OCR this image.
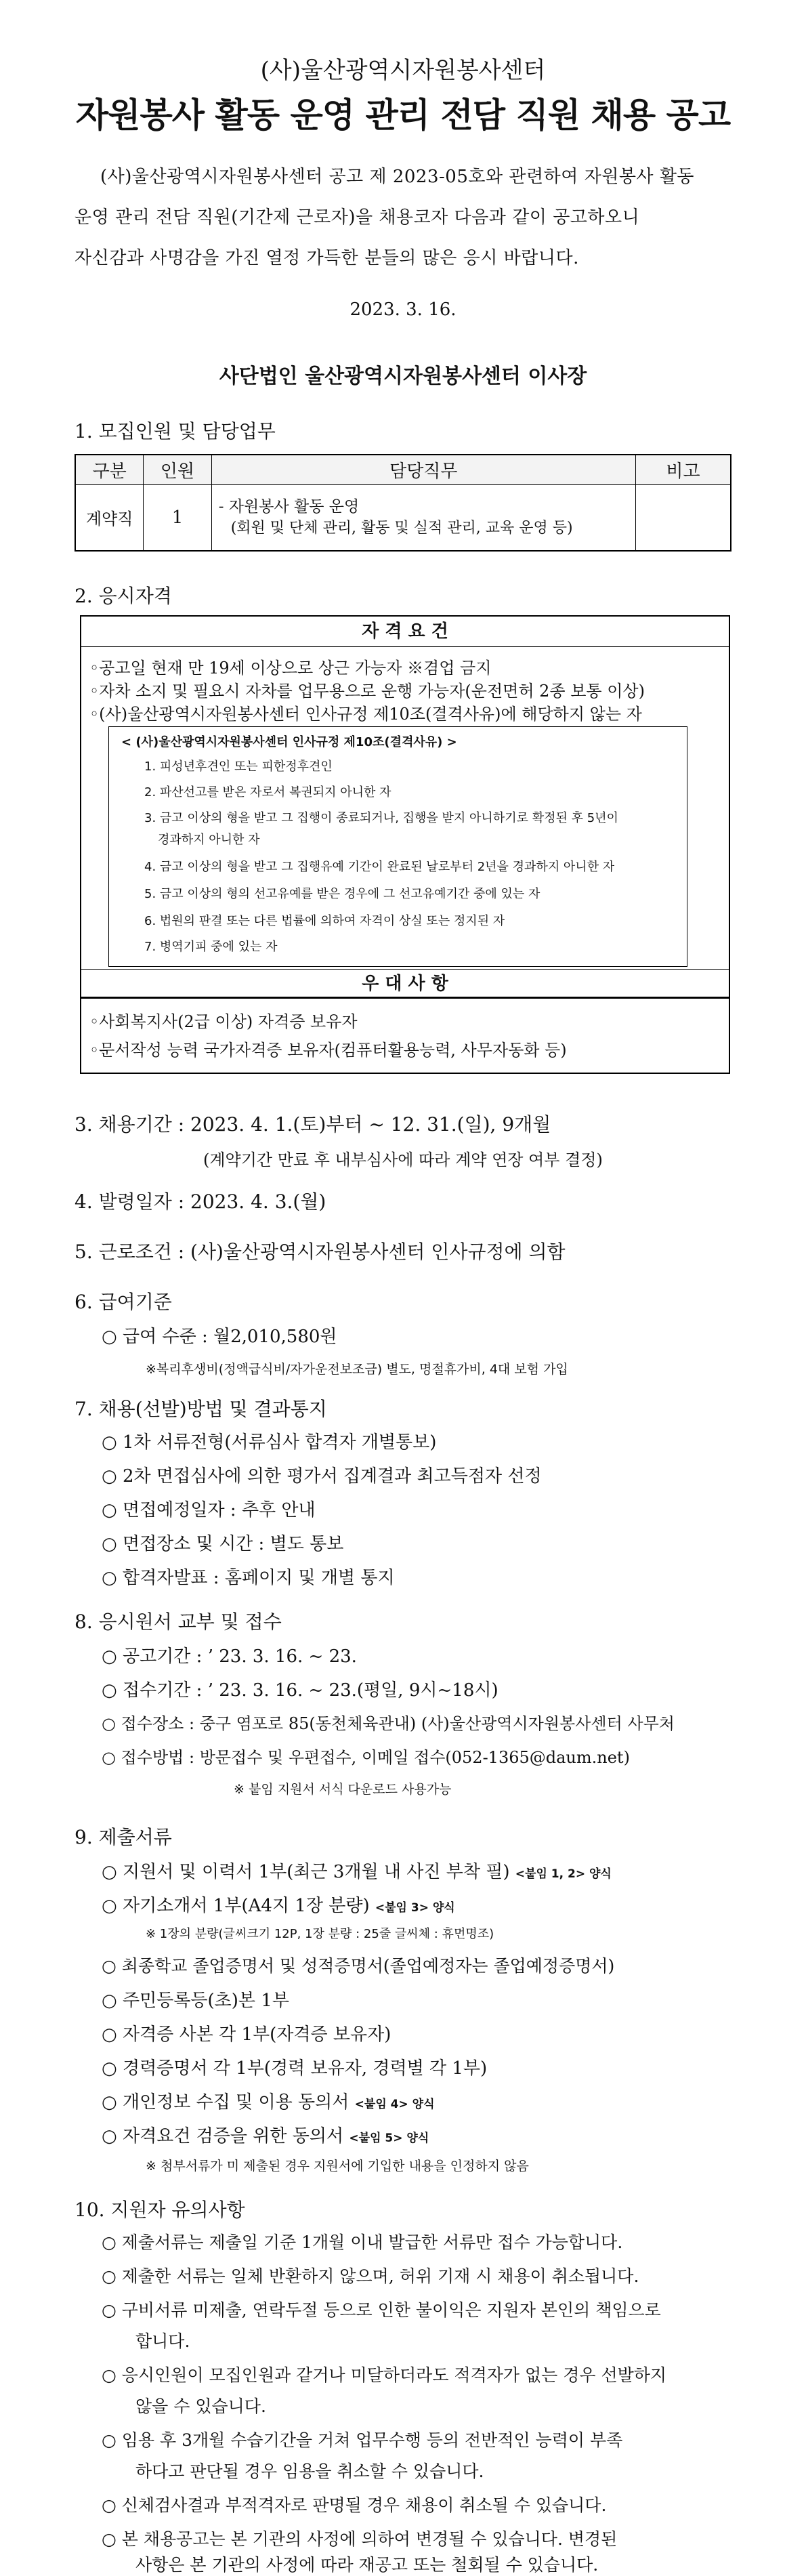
(사)울산광역시자원봉사센터
자원봉사 활동 운영 관리 전담 직원 채용 공고
(사)울산광역시자원봉사센터 공고 제 2023-05호와 관련하여 자원봉사 활동
운영 관리 전담 직원(기간제 근로자)을 채용코자 다음과 같이 공고하오니
자신감과 사명감을 가진 열정 가득한 분들의 많은 응시 바랍니다.
2023. 3. 16.
사단법인 울산광역시자원봉사센터 이사장
1. 모집인원 및 담당업무
구분	인원	담당직무	비고
계약직	1	- 자원봉사 활동 운영
(회원 및 단체 관리, 활동 및 실적 관리, 교육 운영 등)	

2. 응시자격
자 격 요 건
◦공고일 현재 만 19세 이상으로 상근 가능자 ※겸업 금지
◦자차 소지 및 필요시 자차를 업무용으로 운행 가능자(운전면허 2종 보통 이상)
◦(사)울산광역시자원봉사센터 인사규정 제10조(결격사유)에 해당하지 않는 자
< (사)울산광역시자원봉사센터 인사규정 제10조(결격사유) >
1. 피성년후견인 또는 피한정후견인
2. 파산선고를 받은 자로서 복권되지 아니한 자
3. 금고 이상의 형을 받고 그 집행이 종료되거나, 집행을 받지 아니하기로 확정된 후 5년이
경과하지 아니한 자
4. 금고 이상의 형을 받고 그 집행유예 기간이 완료된 날로부터 2년을 경과하지 아니한 자
5. 금고 이상의 형의 선고유예를 받은 경우에 그 선고유예기간 중에 있는 자
6. 법원의 판결 또는 다른 법률에 의하여 자격이 상실 또는 정지된 자
7. 병역기피 중에 있는 자
우 대 사 항
◦사회복지사(2급 이상) 자격증 보유자
◦문서작성 능력 국가자격증 보유자(컴퓨터활용능력, 사무자동화 등)
3. 채용기간 : 2023. 4. 1.(토)부터 ~ 12. 31.(일), 9개월
(계약기간 만료 후 내부심사에 따라 계약 연장 여부 결정)
4. 발령일자 : 2023. 4. 3.(월)
5. 근로조건 : (사)울산광역시자원봉사센터 인사규정에 의함
6. 급여기준
○ 급여 수준 : 월2,010,580원
※복리후생비(정액급식비/자가운전보조금) 별도, 명절휴가비, 4대 보험 가입
7. 채용(선발)방법 및 결과통지
○ 1차 서류전형(서류심사 합격자 개별통보)
○ 2차 면접심사에 의한 평가서 집계결과 최고득점자 선정
○ 면접예정일자 : 추후 안내
○ 면접장소 및 시간 : 별도 통보
○ 합격자발표 : 홈페이지 및 개별 통지
8. 응시원서 교부 및 접수
○ 공고기간 : ’ 23. 3. 16. ~ 23.
○ 접수기간 : ’ 23. 3. 16. ~ 23.(평일, 9시~18시)
○ 접수장소 : 중구 염포로 85(동천체육관내) (사)울산광역시자원봉사센터 사무처
○ 접수방법 : 방문접수 및 우편접수, 이메일 접수(052-1365@daum.net)
※ 붙임 지원서 서식 다운로드 사용가능
9. 제출서류
○ 지원서 및 이력서 1부(최근 3개월 내 사진 부착 필) <붙임 1, 2> 양식
○ 자기소개서 1부(A4지 1장 분량) <붙임 3> 양식
※ 1장의 분량(글씨크기 12P, 1장 분량 : 25줄 글씨체 : 휴먼명조)
○ 최종학교 졸업증명서 및 성적증명서(졸업예정자는 졸업예정증명서)
○ 주민등록등(초)본 1부
○ 자격증 사본 각 1부(자격증 보유자)
○ 경력증명서 각 1부(경력 보유자, 경력별 각 1부)
○ 개인정보 수집 및 이용 동의서 <붙임 4> 양식
○ 자격요건 검증을 위한 동의서 <붙임 5> 양식
※ 첨부서류가 미 제출된 경우 지원서에 기입한 내용을 인정하지 않음
10. 지원자 유의사항
○ 제출서류는 제출일 기준 1개월 이내 발급한 서류만 접수 가능합니다.
○ 제출한 서류는 일체 반환하지 않으며, 허위 기재 시 채용이 취소됩니다.
○ 구비서류 미제출, 연락두절 등으로 인한 불이익은 지원자 본인의 책임으로
합니다.
○ 응시인원이 모집인원과 같거나 미달하더라도 적격자가 없는 경우 선발하지
않을 수 있습니다.
○ 임용 후 3개월 수습기간을 거쳐 업무수행 등의 전반적인 능력이 부족
하다고 판단될 경우 임용을 취소할 수 있습니다.
○ 신체검사결과 부적격자로 판명될 경우 채용이 취소될 수 있습니다.
○ 본 채용공고는 본 기관의 사정에 의하여 변경될 수 있습니다. 변경된
사항은 본 기관의 사정에 따라 재공고 또는 철회될 수 있습니다.
